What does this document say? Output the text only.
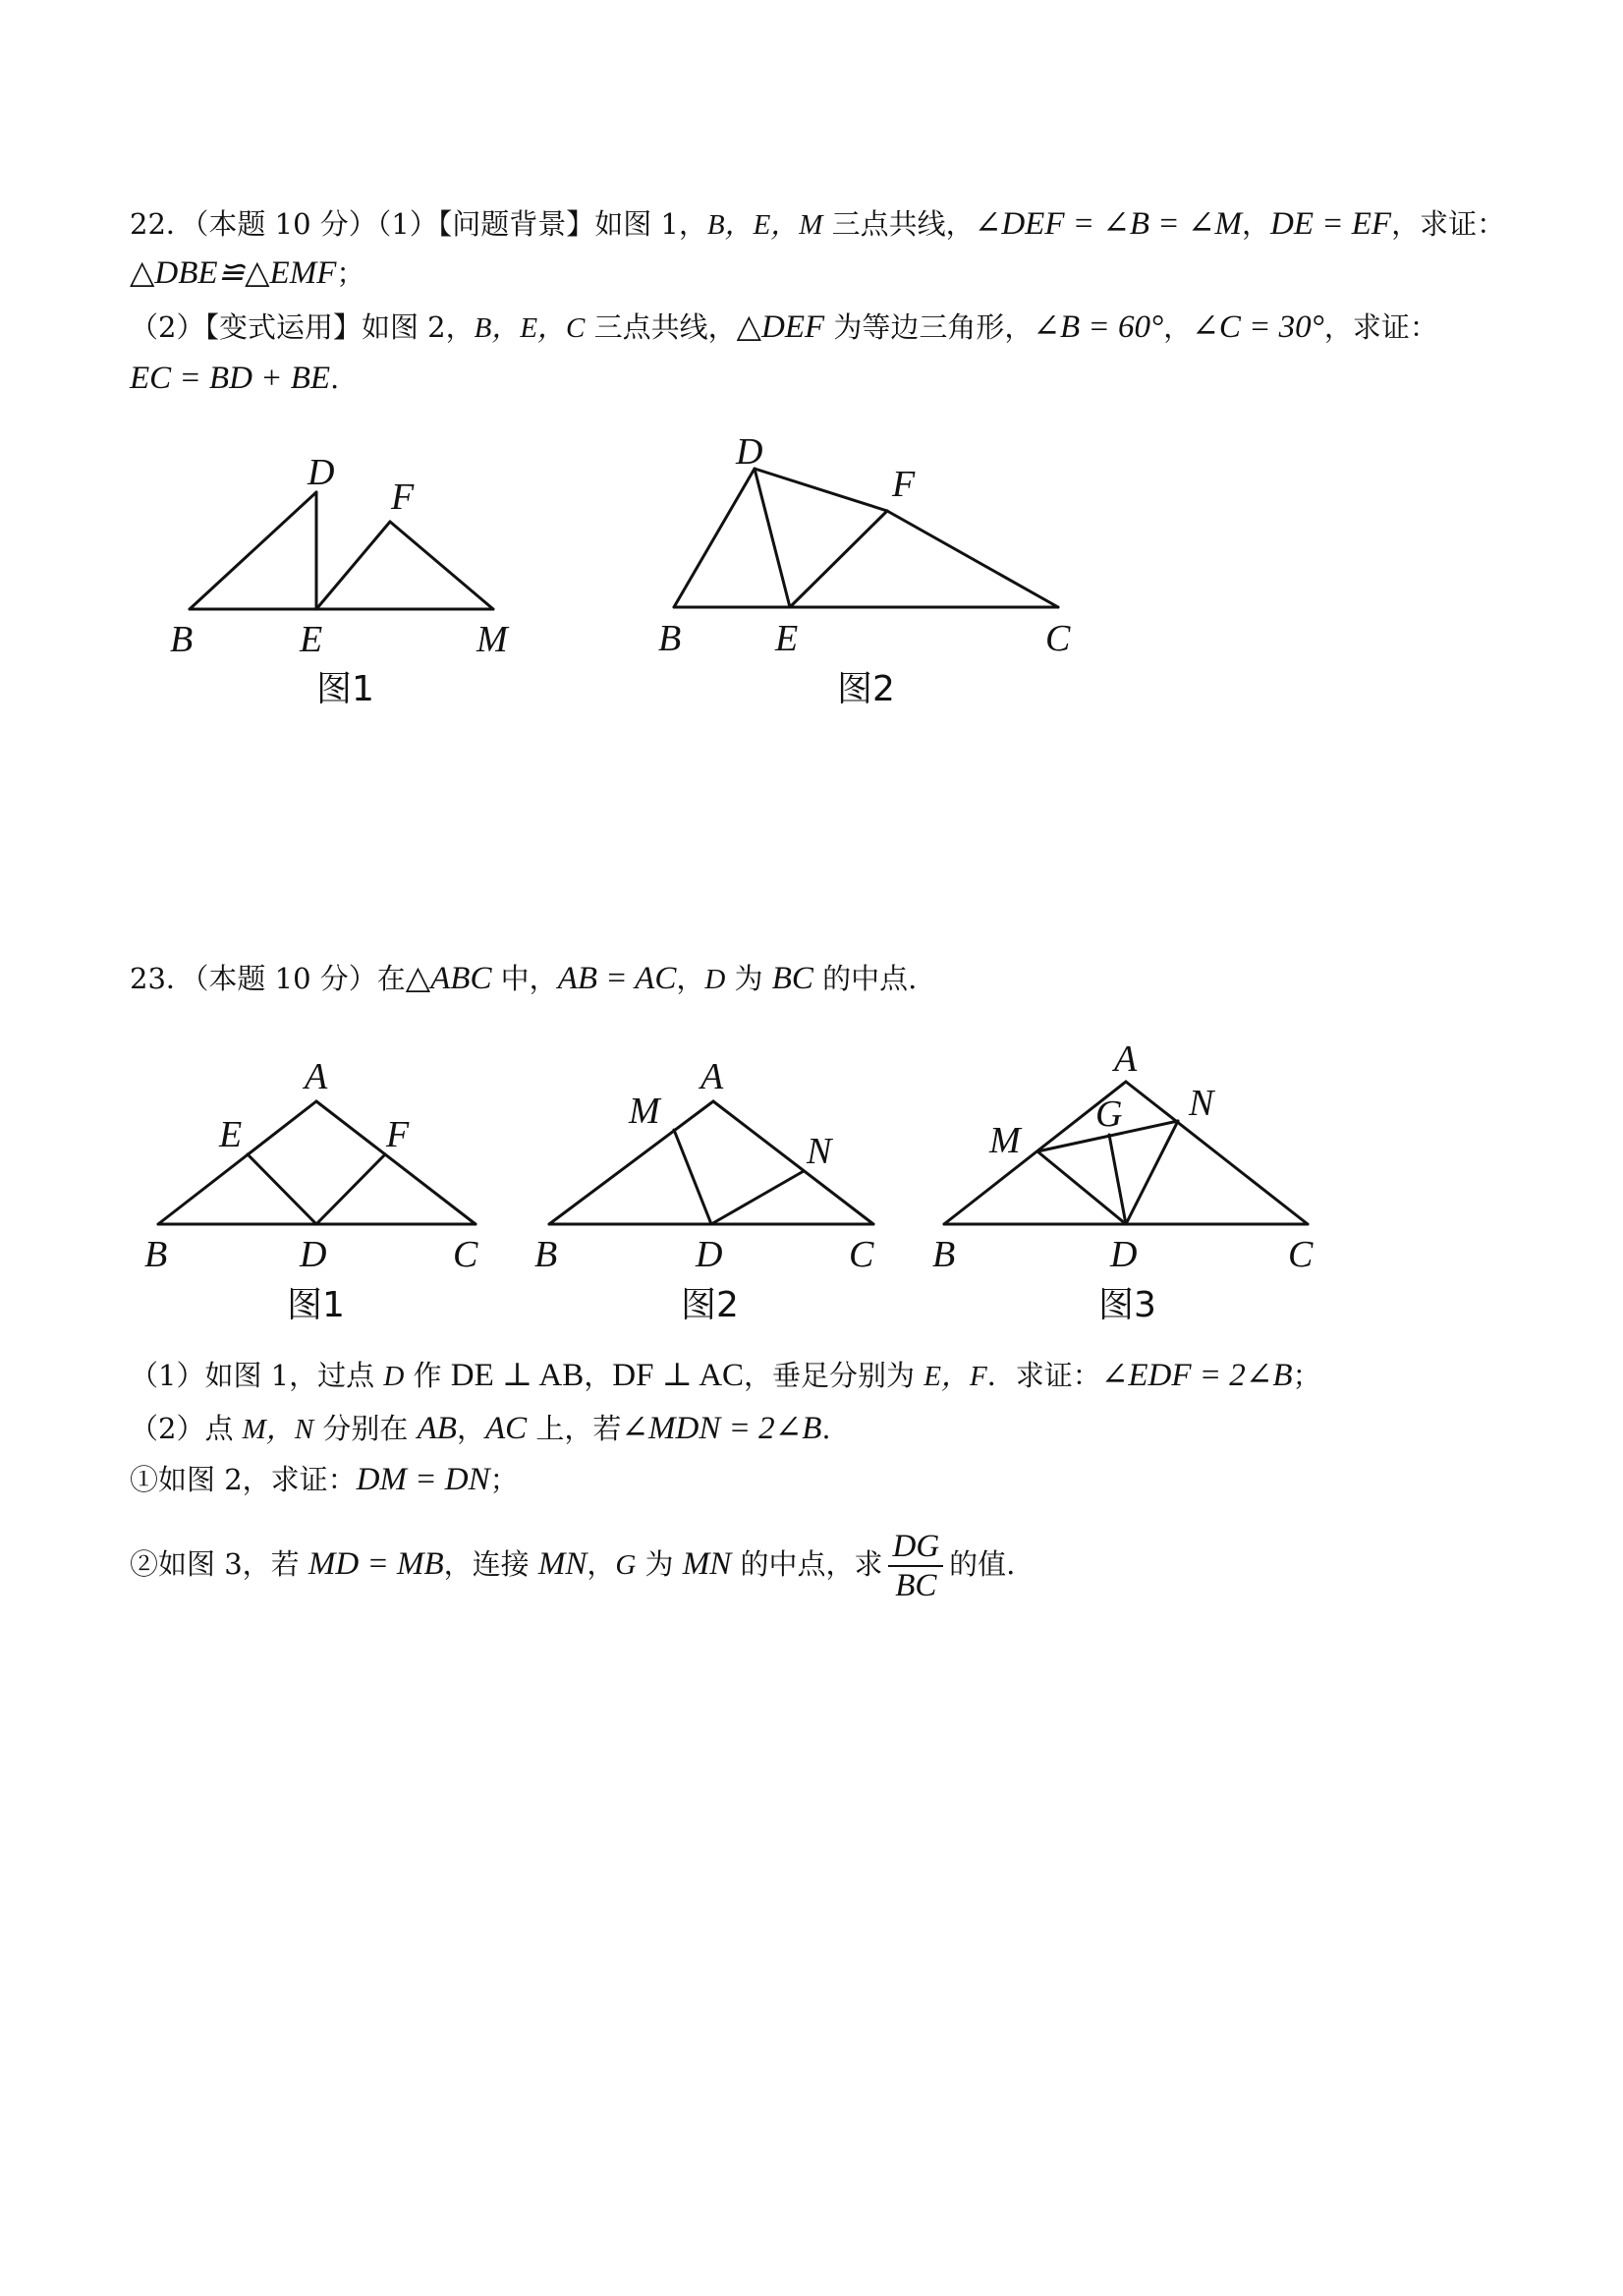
22．（本题 10 分）（1）【问题背景】如图 1，B，E，M 三点共线，∠DEF = ∠B = ∠M，DE = EF，求证：
△DBE≌△EMF；
（2）【变式运用】如图 2，B，E，C 三点共线，△DEF 为等边三角形，∠B = 60°，∠C = 30°，求证：
EC = BD + BE.
D
F
B	E	M
图1
D
F
B	E	C
图2
23．（本题 10 分）在△ABC 中，AB = AC，D 为 BC 的中点.
A
E	F
B	D	C
图1
A
M
N
B	D	C
图2
A
G N
M
B	D	C
图3
（1）如图 1，过点 D 作 DE ⊥ AB，DF ⊥ AC，垂足分别为 E，F．求证：∠EDF = 2∠B；
（2）点 M，N 分别在 AB，AC 上，若∠MDN = 2∠B.
①如图 2，求证：DM = DN；
②如图 3，若 MD = MB，连接 MN，G 为 MN 的中点，求 $\frac{DG}{BC}$ 的值.
